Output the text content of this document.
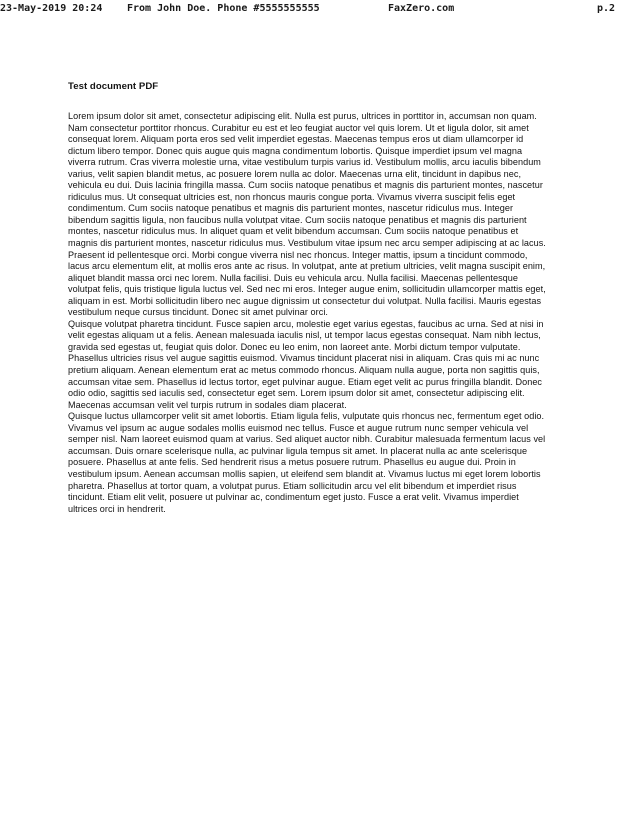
23-May-2019 20:24 From John Doe. Phone #5555555555	FaxZero.com	p.2
Test document PDF

Lorem ipsum dolor sit amet, consectetur adipiscing elit. Nulla est purus, ultrices in porttitor in, accumsan non quam. Nam consectetur porttitor rhoncus. Curabitur eu est et leo feugiat auctor vel quis lorem. Ut et ligula dolor, sit amet consequat lorem. Aliquam porta eros sed velit imperdiet egestas. Maecenas tempus eros ut diam ullamcorper id dictum libero tempor. Donec quis augue quis magna condimentum lobortis. Quisque imperdiet ipsum vel magna viverra rutrum. Cras viverra molestie urna, vitae vestibulum turpis varius id. Vestibulum mollis, arcu iaculis bibendum varius, velit sapien blandit metus, ac posuere lorem nulla ac dolor. Maecenas urna elit, tincidunt in dapibus nec, vehicula eu dui. Duis lacinia fringilla massa. Cum sociis natoque penatibus et magnis dis parturient montes, nascetur ridiculus mus. Ut consequat ultricies est, non rhoncus mauris congue porta. Vivamus viverra suscipit felis eget condimentum. Cum sociis natoque penatibus et magnis dis parturient montes, nascetur ridiculus mus. Integer bibendum sagittis ligula, non faucibus nulla volutpat vitae. Cum sociis natoque penatibus et magnis dis parturient montes, nascetur ridiculus mus. In aliquet quam et velit bibendum accumsan. Cum sociis natoque penatibus et magnis dis parturient montes, nascetur ridiculus mus. Vestibulum vitae ipsum nec arcu semper adipiscing at ac lacus. Praesent id pellentesque orci. Morbi congue viverra nisl nec rhoncus. Integer mattis, ipsum a tincidunt commodo, lacus arcu elementum elit, at mollis eros ante ac risus. In volutpat, ante at pretium ultricies, velit magna suscipit enim, aliquet blandit massa orci nec lorem. Nulla facilisi. Duis eu vehicula arcu. Nulla facilisi. Maecenas pellentesque volutpat felis, quis tristique ligula luctus vel. Sed nec mi eros. Integer augue enim, sollicitudin ullamcorper mattis eget, aliquam in est. Morbi sollicitudin libero nec augue dignissim ut consectetur dui volutpat. Nulla facilisi. Mauris egestas vestibulum neque cursus tincidunt. Donec sit amet pulvinar orci.

Quisque volutpat pharetra tincidunt. Fusce sapien arcu, molestie eget varius egestas, faucibus ac urna. Sed at nisi in velit egestas aliquam ut a felis. Aenean malesuada iaculis nisl, ut tempor lacus egestas consequat. Nam nibh lectus, gravida sed egestas ut, feugiat quis dolor. Donec eu leo enim, non laoreet ante. Morbi dictum tempor vulputate. Phasellus ultricies risus vel augue sagittis euismod. Vivamus tincidunt placerat nisi in aliquam. Cras quis mi ac nunc pretium aliquam. Aenean elementum erat ac metus commodo rhoncus. Aliquam nulla augue, porta non sagittis quis, accumsan vitae sem. Phasellus id lectus tortor, eget pulvinar augue. Etiam eget velit ac purus fringilla blandit. Donec odio odio, sagittis sed iaculis sed, consectetur eget sem. Lorem ipsum dolor sit amet, consectetur adipiscing elit. Maecenas accumsan velit vel turpis rutrum in sodales diam placerat.

Quisque luctus ullamcorper velit sit amet lobortis. Etiam ligula felis, vulputate quis rhoncus nec, fermentum eget odio. Vivamus vel ipsum ac augue sodales mollis euismod nec tellus. Fusce et augue rutrum nunc semper vehicula vel semper nisl. Nam laoreet euismod quam at varius. Sed aliquet auctor nibh. Curabitur malesuada fermentum lacus vel accumsan. Duis ornare scelerisque nulla, ac pulvinar ligula tempus sit amet. In placerat nulla ac ante scelerisque posuere. Phasellus at ante felis. Sed hendrerit risus a metus posuere rutrum. Phasellus eu augue dui. Proin in vestibulum ipsum. Aenean accumsan mollis sapien, ut eleifend sem blandit at. Vivamus luctus mi eget lorem lobortis pharetra. Phasellus at tortor quam, a volutpat purus. Etiam sollicitudin arcu vel elit bibendum et imperdiet risus tincidunt. Etiam elit velit, posuere ut pulvinar ac, condimentum eget justo. Fusce a erat velit. Vivamus imperdiet ultrices orci in hendrerit.
